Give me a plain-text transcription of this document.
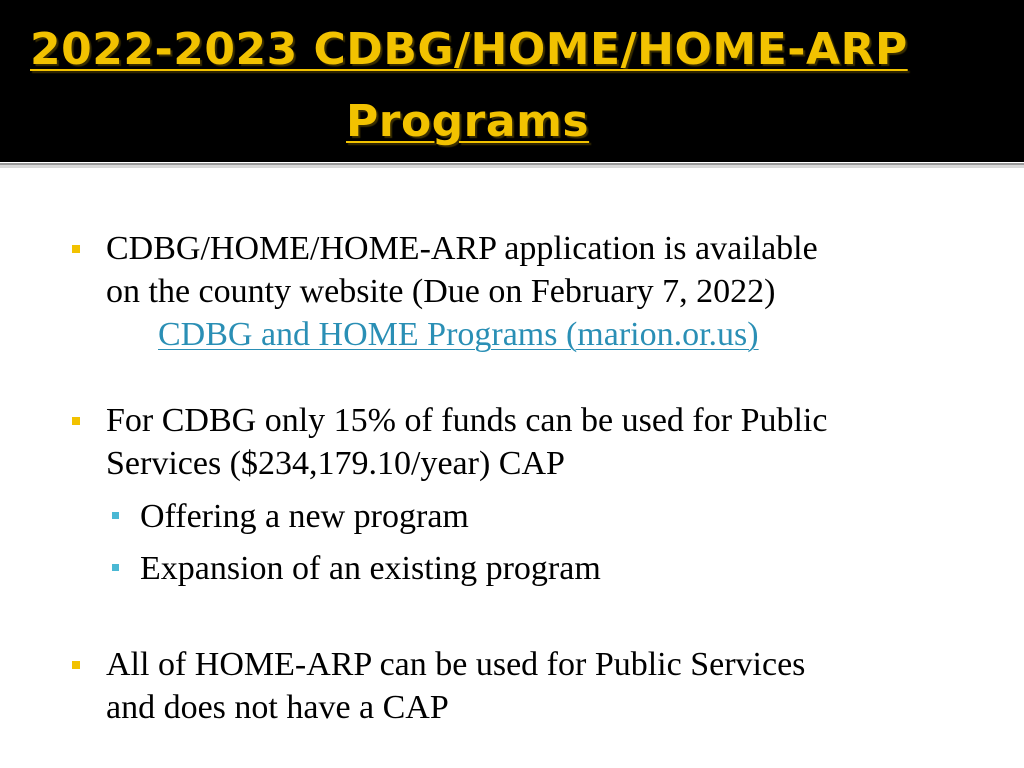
2022-2023 CDBG/HOME/HOME-ARP
Programs
CDBG/HOME/HOME-ARP application is available
on the county website (Due on February 7, 2022)
CDBG and HOME Programs (marion.or.us)
For CDBG only 15% of funds can be used for Public
Services ($234,179.10/year) CAP
Offering a new program
Expansion of an existing program
All of HOME-ARP can be used for Public Services
and does not have a CAP
